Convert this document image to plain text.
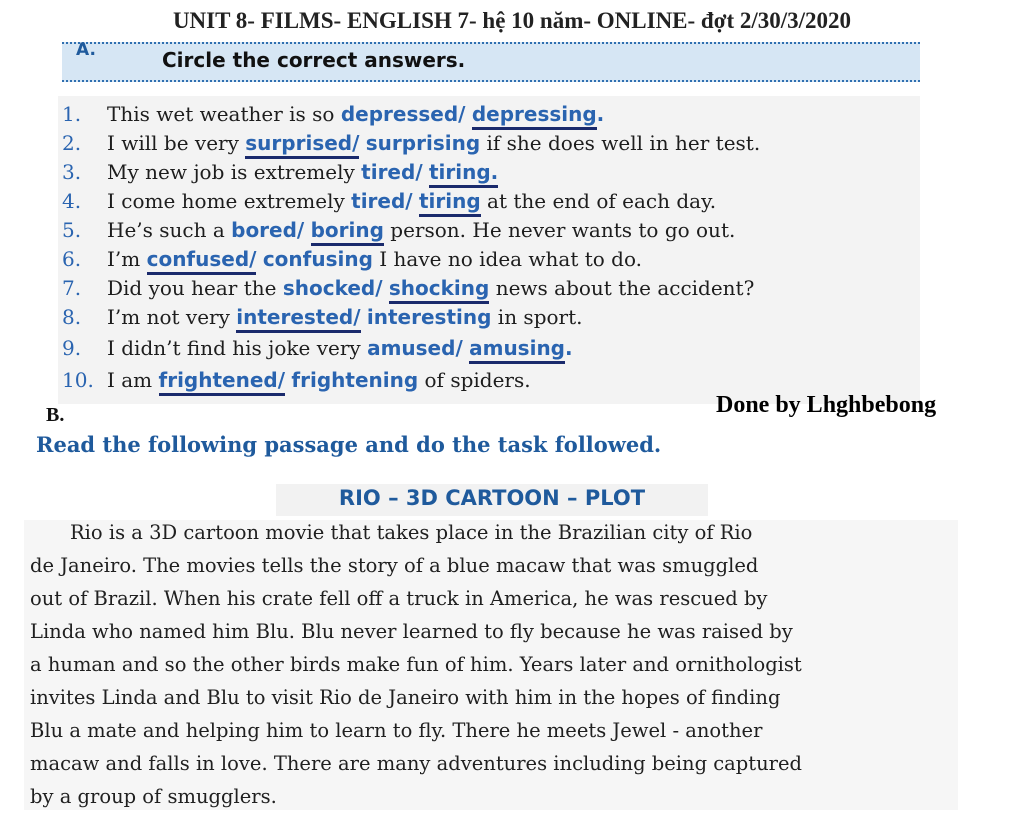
UNIT 8- FILMS- ENGLISH 7- hệ 10 năm- ONLINE- đợt 2/30/3/2020
A.	Circle the correct answers.
1. This wet weather is so depressed/ depressing.
2. I will be very surprised/ surprising if she does well in her test.
3. My new job is extremely tired/ tiring.
4. I come home extremely tired/ tiring at the end of each day.
5. He’s such a bored/ boring person. He never wants to go out.
6. I’m confused/ confusing I have no idea what to do.
7. Did you hear the shocked/ shocking news about the accident?
8. I’m not very interested/ interesting in sport.
9. I didn’t find his joke very amused/ amusing.
10. I am frightened/ frightening of spiders.
B.	Done by Lhghbebong
Read the following passage and do the task followed.
RIO – 3D CARTOON – PLOT
Rio is a 3D cartoon movie that takes place in the Brazilian city of Rio
de Janeiro. The movies tells the story of a blue macaw that was smuggled
out of Brazil. When his crate fell off a truck in America, he was rescued by
Linda who named him Blu. Blu never learned to fly because he was raised by
a human and so the other birds make fun of him. Years later and ornithologist
invites Linda and Blu to visit Rio de Janeiro with him in the hopes of finding
Blu a mate and helping him to learn to fly. There he meets Jewel - another
macaw and falls in love. There are many adventures including being captured
by a group of smugglers.
